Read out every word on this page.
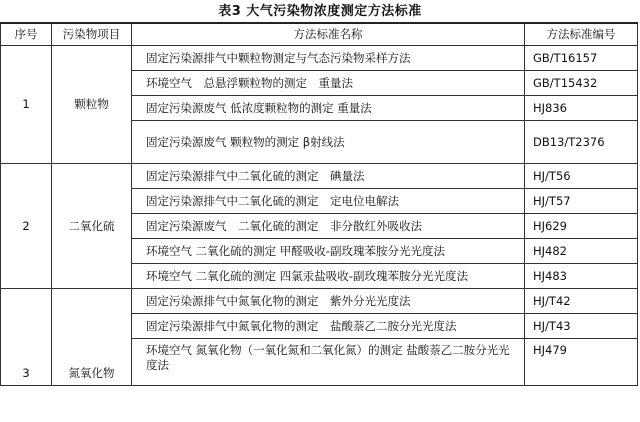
表3 大气污染物浓度测定方法标准
序号	污染物项目	方法标准名称	方法标准编号
1	颗粒物	固定污染源排气中颗粒物测定与气态污染物采样方法	GB/T16157
		环境空气　总悬浮颗粒物的测定　重量法	GB/T15432
		固定污染源废气 低浓度颗粒物的测定 重量法	HJ836
		固定污染源废气 颗粒物的测定 β射线法	DB13/T2376
2	二氧化硫	固定污染源排气中二氧化硫的测定　碘量法	HJ/T56
		固定污染源排气中二氧化硫的测定　定电位电解法	HJ/T57
		固定污染源废气　二氧化硫的测定　非分散红外吸收法	HJ629
		环境空气 二氧化硫的测定 甲醛吸收-副玫瑰苯胺分光光度法	HJ482
		环境空气 二氧化硫的测定 四氯汞盐吸收-副玫瑰苯胺分光光度法	HJ483
3	氮氧化物	固定污染源排气中氮氧化物的测定　紫外分光光度法	HJ/T42
		固定污染源排气中氮氧化物的测定　盐酸萘乙二胺分光光度法	HJ/T43
		环境空气 氮氧化物（一氧化氮和二氧化氮）的测定 盐酸萘乙二胺分光光度法	HJ479
